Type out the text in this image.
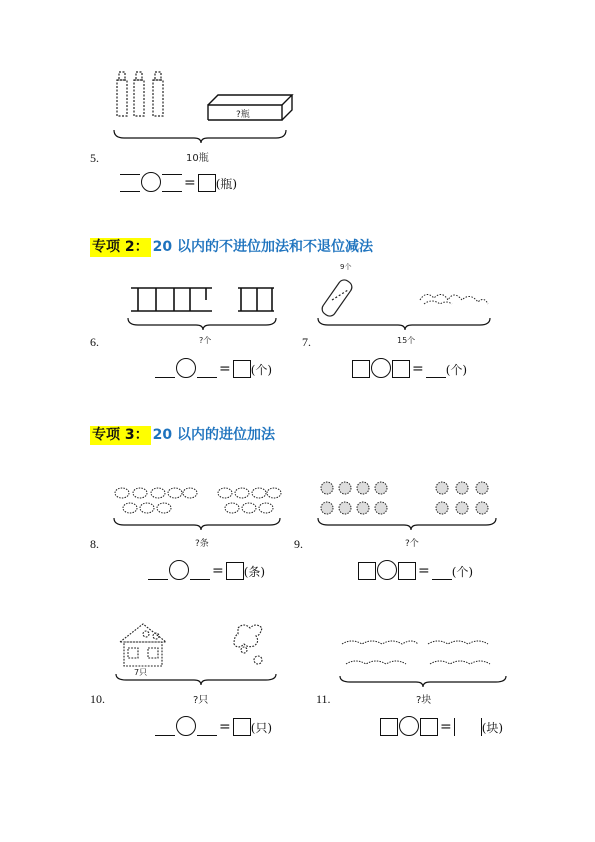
?瓶
5.	10瓶
= (瓶)
专项 2： 20 以内的不进位加法和不退位减法
9个
6.	?个
= (个)
7.	15个
= (个)
专项 3： 20 以内的进位加法
8.	?条
= (条)
9.	?个
= (个)
7只
10.	?只
= (只)
11.	?块
=	(块)
